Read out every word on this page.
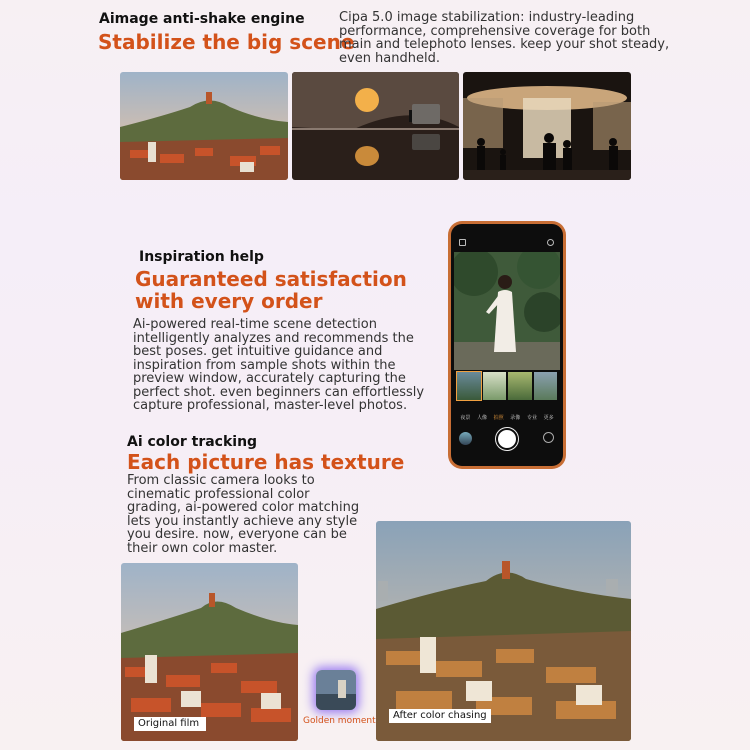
Aimage anti-shake engine
Stabilize the big scene
Cipa 5.0 image stabilization: industry-leading performance, comprehensive coverage for both main and telephoto lenses. keep your shot steady, even handheld.
Inspiration help
Guaranteed satisfaction with every order
Ai-powered real-time scene detection intelligently analyzes and recommends the best poses. get intuitive guidance and inspiration from sample shots within the preview window, accurately capturing the perfect shot. even beginners can effortlessly capture professional, master-level photos.
夜景 人像 拍照 录像 专业 更多
Ai color tracking
Each picture has texture
From classic camera looks to cinematic professional color grading, ai-powered color matching lets you instantly achieve any style you desire. now, everyone can be their own color master.
Original film	Golden moment	After color chasing
